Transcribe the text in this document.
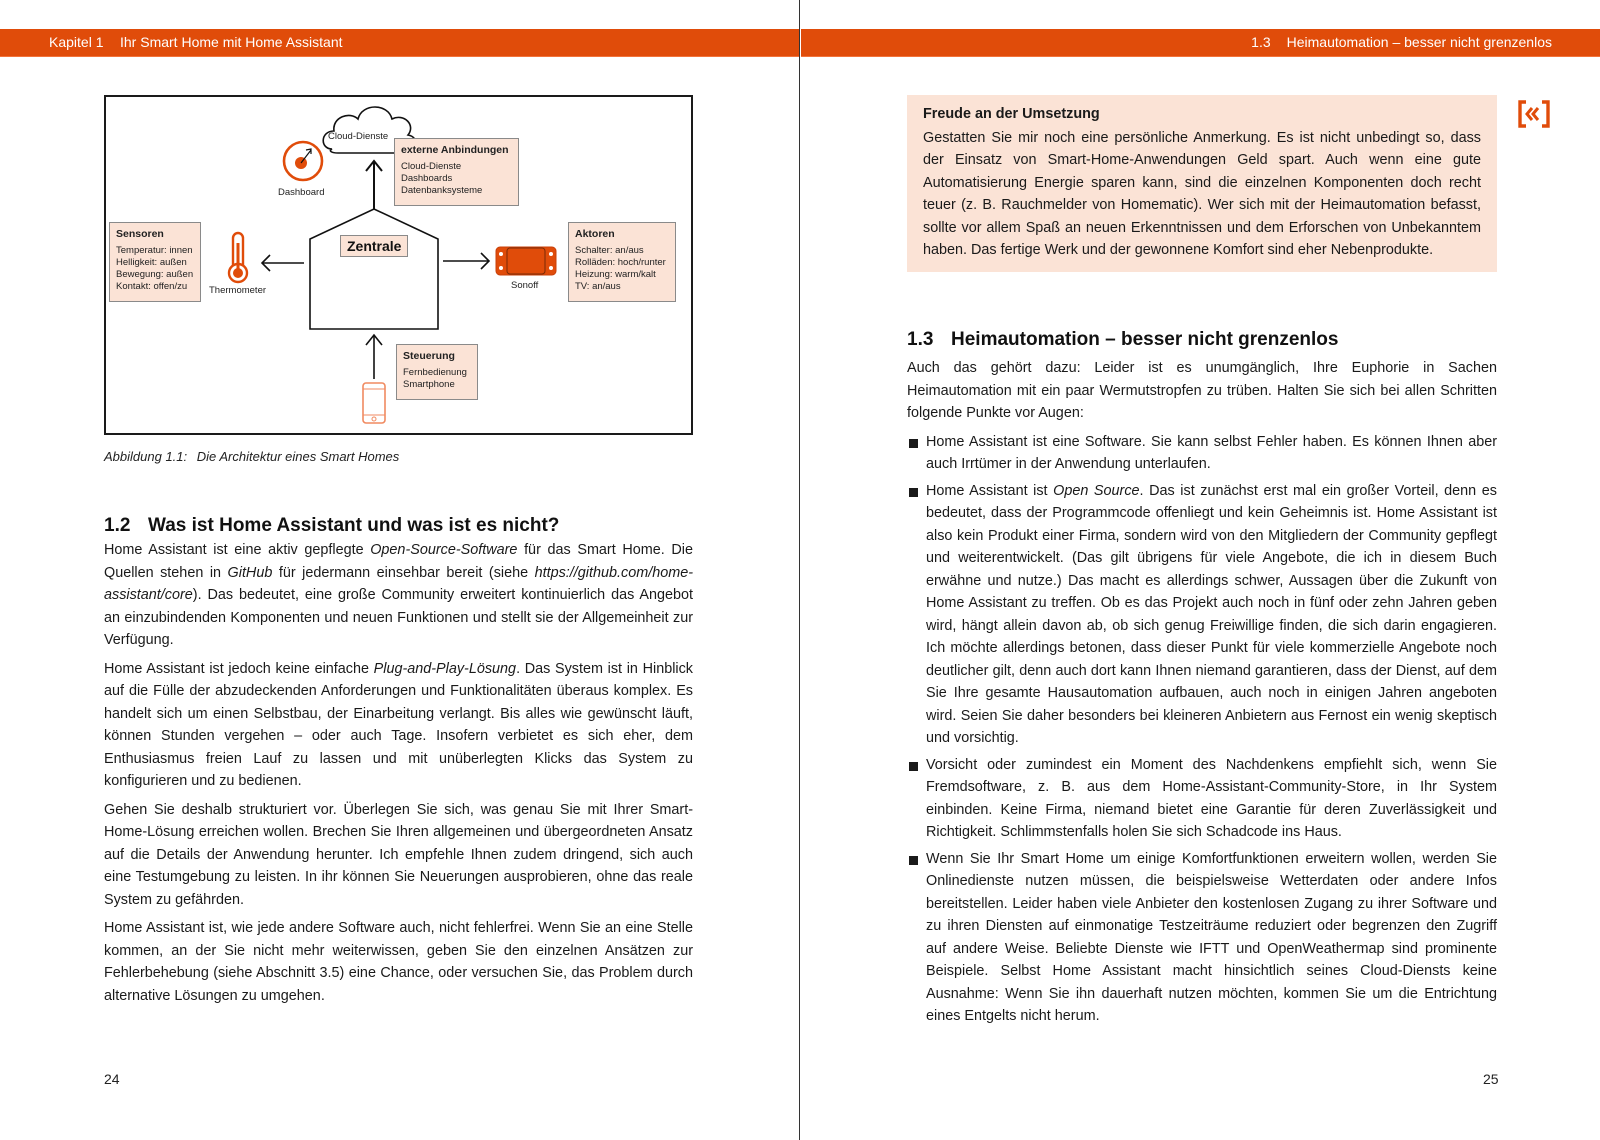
Kapitel 1 Ihr Smart Home mit Home Assistant
Cloud-Dienste
Dashboard
Thermometer	Sonoff
Zentrale
externe Anbindungen
Cloud-Dienste
Dashboards
Datenbanksysteme
Sensoren
Temperatur: innen
Helligkeit: außen
Bewegung: außen
Kontakt: offen/zu
Aktoren
Schalter: an/aus
Rolläden: hoch/runter
Heizung: warm/kalt
TV: an/aus
Steuerung
Fernbedienung
Smartphone
Abbildung 1.1: Die Architektur eines Smart Homes
1.2 Was ist Home Assistant und was ist es nicht?

Home Assistant ist eine aktiv gepflegte Open-Source-Software für das Smart Home. Die Quellen stehen in GitHub für jedermann einsehbar bereit (siehe https://github.com/home-assistant/core). Das bedeutet, eine große Community erweitert kontinuierlich das Angebot an einzubindenden Komponenten und neuen Funktionen und stellt sie der Allgemeinheit zur Verfügung.

Home Assistant ist jedoch keine einfache Plug-and-Play-Lösung. Das System ist in Hinblick auf die Fülle der abzudeckenden Anforderungen und Funktionalitäten überaus komplex. Es handelt sich um einen Selbstbau, der Einarbeitung verlangt. Bis alles wie gewünscht läuft, können Stunden vergehen – oder auch Tage. Insofern verbietet es sich eher, dem Enthusiasmus freien Lauf zu lassen und mit unüberlegten Klicks das System zu konfigurieren und zu bedienen.

Gehen Sie deshalb strukturiert vor. Überlegen Sie sich, was genau Sie mit Ihrer Smart-Home-Lösung erreichen wollen. Brechen Sie Ihren allgemeinen und übergeordneten Ansatz auf die Details der Anwendung herunter. Ich empfehle Ihnen zudem dringend, sich auch eine Testumgebung zu leisten. In ihr können Sie Neuerungen ausprobieren, ohne das reale System zu gefährden.

Home Assistant ist, wie jede andere Software auch, nicht fehlerfrei. Wenn Sie an eine Stelle kommen, an der Sie nicht mehr weiterwissen, geben Sie den einzelnen Ansätzen zur Fehlerbehebung (siehe Abschnitt 3.5) eine Chance, oder versuchen Sie, das Problem durch alternative Lösungen zu umgehen.

24
1.3 Heimautomation – besser nicht grenzenlos
Freude an der Umsetzung
Gestatten Sie mir noch eine persönliche Anmerkung. Es ist nicht unbedingt so, dass der Einsatz von Smart-Home-Anwendungen Geld spart. Auch wenn eine gute Automatisierung Energie sparen kann, sind die einzelnen Komponenten doch recht teuer (z. B. Rauchmelder von Homematic). Wer sich mit der Heimautomation befasst, sollte vor allem Spaß an neuen Erkenntnissen und dem Erforschen von Unbekanntem haben. Das fertige Werk und der gewonnene Komfort sind eher Nebenprodukte.
1.3 Heimautomation – besser nicht grenzenlos

Auch das gehört dazu: Leider ist es unumgänglich, Ihre Euphorie in Sachen Heimautomation mit ein paar Wermutstropfen zu trüben. Halten Sie sich bei allen Schritten folgende Punkte vor Augen:

Home Assistant ist eine Software. Sie kann selbst Fehler haben. Es können Ihnen aber auch Irrtümer in der Anwendung unterlaufen.
Home Assistant ist Open Source. Das ist zunächst erst mal ein großer Vorteil, denn es bedeutet, dass der Programmcode offenliegt und kein Geheimnis ist. Home Assistant ist also kein Produkt einer Firma, sondern wird von den Mitgliedern der Community gepflegt und weiterentwickelt. (Das gilt übrigens für viele Angebote, die ich in diesem Buch erwähne und nutze.) Das macht es allerdings schwer, Aussagen über die Zukunft von Home Assistant zu treffen. Ob es das Projekt auch noch in fünf oder zehn Jahren geben wird, hängt allein davon ab, ob sich genug Freiwillige finden, die sich darin engagieren. Ich möchte allerdings betonen, dass dieser Punkt für viele kommerzielle Angebote noch deutlicher gilt, denn auch dort kann Ihnen niemand garantieren, dass der Dienst, auf dem Sie Ihre gesamte Hausautomation aufbauen, auch noch in einigen Jahren angeboten wird. Seien Sie daher besonders bei kleineren Anbietern aus Fernost ein wenig skeptisch und vorsichtig.
Vorsicht oder zumindest ein Moment des Nachdenkens empfiehlt sich, wenn Sie Fremdsoftware, z. B. aus dem Home-Assistant-Community-Store, in Ihr System einbinden. Keine Firma, niemand bietet eine Garantie für deren Zuverlässigkeit und Richtigkeit. Schlimmstenfalls holen Sie sich Schadcode ins Haus.
Wenn Sie Ihr Smart Home um einige Komfortfunktionen erweitern wollen, werden Sie Onlinedienste nutzen müssen, die beispielsweise Wetterdaten oder andere Infos bereitstellen. Leider haben viele Anbieter den kostenlosen Zugang zu ihrer Software und zu ihren Diensten auf einmonatige Testzeiträume reduziert oder begrenzen den Zugriff auf andere Weise. Beliebte Dienste wie IFTT und OpenWeathermap sind prominente Beispiele. Selbst Home Assistant macht hinsichtlich seines Cloud-Diensts keine Ausnahme: Wenn Sie ihn dauerhaft nutzen möchten, kommen Sie um die Entrichtung eines Entgelts nicht herum.
25
